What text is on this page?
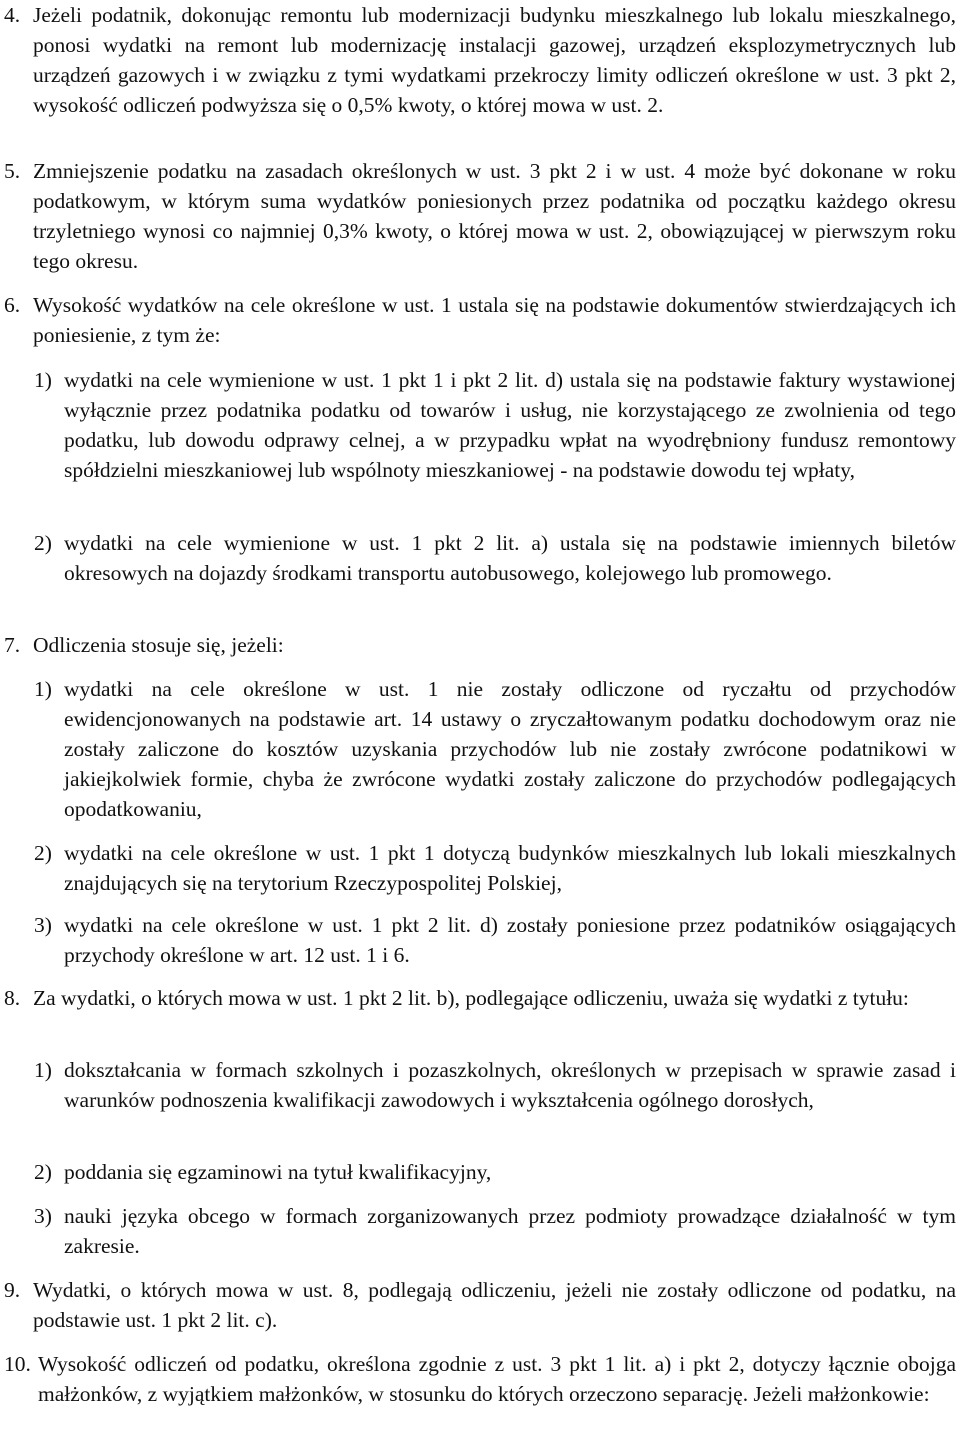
4. Jeżeli podatnik, dokonując remontu lub modernizacji budynku mieszkalnego lub lokalu mieszkalnego, ponosi wydatki na remont lub modernizację instalacji gazowej, urządzeń eksplozymetrycznych lub urządzeń gazowych i w związku z tymi wydatkami przekroczy limity odliczeń określone w ust. 3 pkt 2, wysokość odliczeń podwyższa się o 0,5% kwoty, o której mowa w ust. 2.

5. Zmniejszenie podatku na zasadach określonych w ust. 3 pkt 2 i w ust. 4 może być dokonane w roku podatkowym, w którym suma wydatków poniesionych przez podatnika od początku każdego okresu trzyletniego wynosi co najmniej 0,3% kwoty, o której mowa w ust. 2, obowiązującej w pierwszym roku tego okresu.

6. Wysokość wydatków na cele określone w ust. 1 ustala się na podstawie dokumentów stwierdzających ich poniesienie, z tym że:

1) wydatki na cele wymienione w ust. 1 pkt 1 i pkt 2 lit. d) ustala się na podstawie faktury wystawionej wyłącznie przez podatnika podatku od towarów i usług, nie korzystającego ze zwolnienia od tego podatku, lub dowodu odprawy celnej, a w przypadku wpłat na wyodrębniony fundusz remontowy spółdzielni mieszkaniowej lub wspólnoty mieszkaniowej - na podstawie dowodu tej wpłaty,

2) wydatki na cele wymienione w ust. 1 pkt 2 lit. a) ustala się na podstawie imiennych biletów okresowych na dojazdy środkami transportu autobusowego, kolejowego lub promowego.

7. Odliczenia stosuje się, jeżeli:

1) wydatki na cele określone w ust. 1 nie zostały odliczone od ryczałtu od przychodów ewidencjonowanych na podstawie art. 14 ustawy o zryczałtowanym podatku dochodowym oraz nie zostały zaliczone do kosztów uzyskania przychodów lub nie zostały zwrócone podatnikowi w jakiejkolwiek formie, chyba że zwrócone wydatki zostały zaliczone do przychodów podlegających opodatkowaniu,

2) wydatki na cele określone w ust. 1 pkt 1 dotyczą budynków mieszkalnych lub lokali mieszkalnych znajdujących się na terytorium Rzeczypospolitej Polskiej,

3) wydatki na cele określone w ust. 1 pkt 2 lit. d) zostały poniesione przez podatników osiągających przychody określone w art. 12 ust. 1 i 6.

8. Za wydatki, o których mowa w ust. 1 pkt 2 lit. b), podlegające odliczeniu, uważa się wydatki z tytułu:

1) dokształcania w formach szkolnych i pozaszkolnych, określonych w przepisach w sprawie zasad i warunków podnoszenia kwalifikacji zawodowych i wykształcenia ogólnego dorosłych,

2) poddania się egzaminowi na tytuł kwalifikacyjny,

3) nauki języka obcego w formach zorganizowanych przez podmioty prowadzące działalność w tym zakresie.

9. Wydatki, o których mowa w ust. 8, podlegają odliczeniu, jeżeli nie zostały odliczone od podatku, na podstawie ust. 1 pkt 2 lit. c).

10. Wysokość odliczeń od podatku, określona zgodnie z ust. 3 pkt 1 lit. a) i pkt 2, dotyczy łącznie obojga małżonków, z wyjątkiem małżonków, w stosunku do których orzeczono separację. Jeżeli małżonkowie:
